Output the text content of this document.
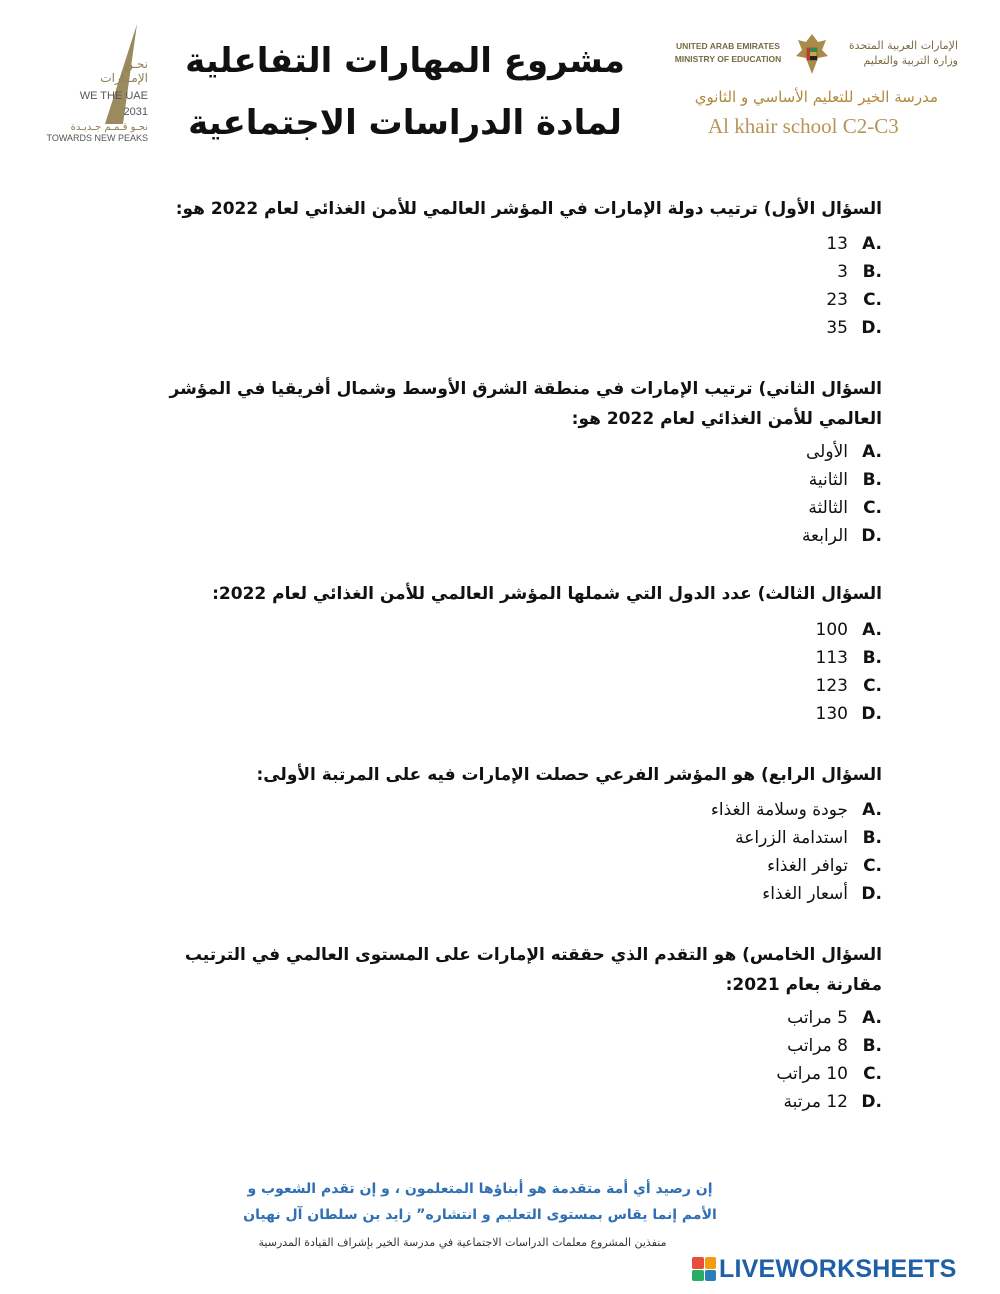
نحـن
الإمــارات
WE THE UAE
2031
نحـو قـمـم جـديـدة
TOWARDS NEW PEAKS
مشروع المهارات التفاعلية
لمادة الدراسات الاجتماعية
UNITED ARAB EMIRATES
MINISTRY OF EDUCATION
الإمارات العربية المتحدة
وزارة التربية والتعليم
مدرسة الخير للتعليم الأساسي و الثانوي
Al khair school C2-C3
السؤال الأول) ترتيب دولة الإمارات في المؤشر العالمي للأمن الغذائي لعام 2022 هو:
13 A.
3 B.
23 C.
35 D.
السؤال الثاني) ترتيب الإمارات في منطقة الشرق الأوسط وشمال أفريقيا في المؤشر العالمي للأمن الغذائي لعام 2022 هو:
الأولى A.
الثانية B.
الثالثة C.
الرابعة D.
السؤال الثالث) عدد الدول التي شملها المؤشر العالمي للأمن الغذائي لعام 2022:
100 A.
113 B.
123 C.
130 D.
السؤال الرابع) هو المؤشر الفرعي حصلت الإمارات فيه على المرتبة الأولى:
جودة وسلامة الغذاء A.
استدامة الزراعة B.
توافر الغذاء C.
أسعار الغذاء D.
السؤال الخامس) هو التقدم الذي حققته الإمارات على المستوى العالمي في الترتيب مقارنة بعام 2021:
5 مراتب A.
8 مراتب B.
10 مراتب C.
12 مرتبة D.
إن رصيد أي أمة متقدمة هو أبناؤها المتعلمون ، و إن تقدم الشعوب و
الأمم إنما يقاس بمستوى التعليم و انتشاره” زايد بن سلطان آل نهيان
منفذين المشروع معلمات الدراسات الاجتماعية في مدرسة الخير بإشراف القيادة المدرسية
LIVEWORKSHEETS
